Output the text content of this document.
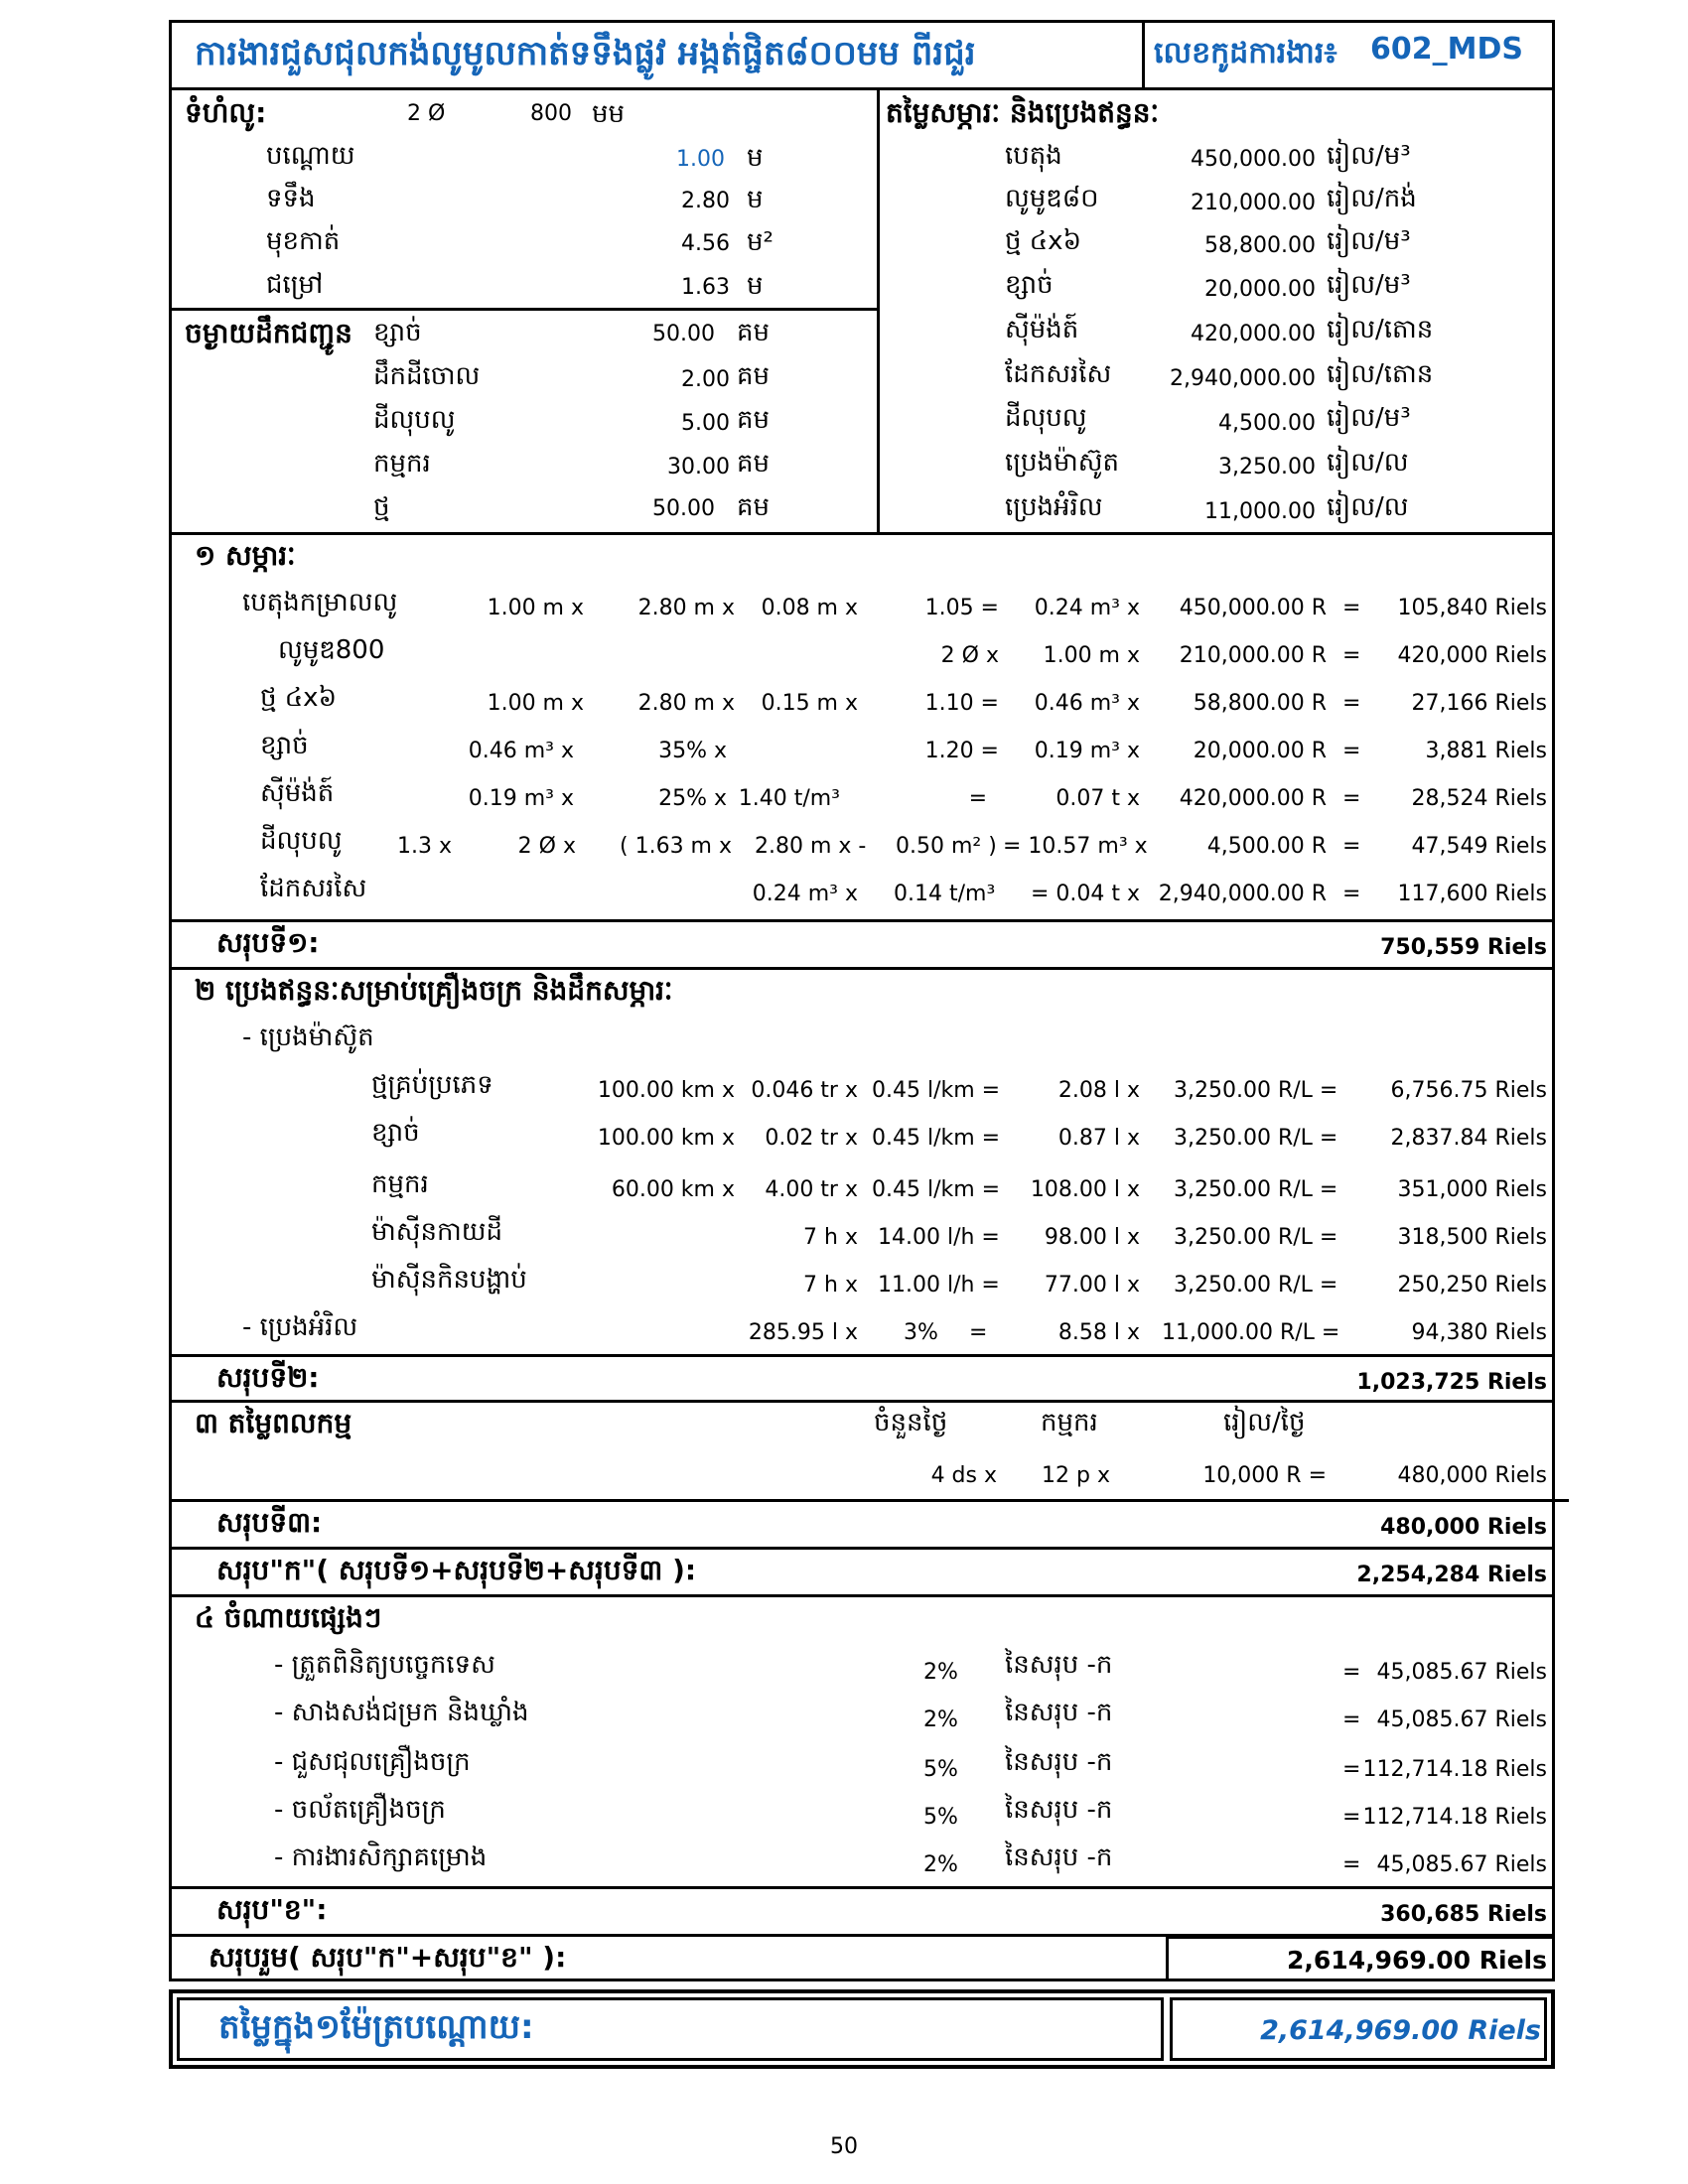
ការងារជួសជុលកង់លូមូលកាត់ទទឹងផ្លូវ អង្កត់ផ្ចិត៨០០មម ពីរជួរ	លេខកូដការងារ៖ 602_MDS
ទំហំលូ:	2 Ø	800 មម
បណ្ដោយ	1.00 ម
ទទឹង	2.80 ម
មុខកាត់	4.56 ម²
ជម្រៅ	1.63 ម
ចម្ងាយដឹកជញ្ជូន ខ្សាច់	50.00 គម
ដឹកដីចោល	2.00 គម
ដីលុបលូ	5.00 គម
កម្មករ	30.00 គម
ថ្ម	50.00 គម
តម្លៃសម្ភារៈ និងប្រេងឥន្ធនៈ
បេតុង	450,000.00 រៀល/ម³
លូមូឌ៨០	210,000.00 រៀល/កង់
ថ្ម ៤x៦	58,800.00 រៀល/ម³
ខ្សាច់	20,000.00 រៀល/ម³
ស៊ីម៉ង់ត៍	420,000.00 រៀល/តោន
ដែកសរសៃ	2,940,000.00 រៀល/តោន
ដីលុបលូ	4,500.00 រៀល/ម³
ប្រេងម៉ាស៊ូត	3,250.00 រៀល/ល
ប្រេងអំរិល	11,000.00 រៀល/ល
១ សម្ភារៈ
បេតុងកម្រាលលូ	1.00 m x	2.80 m x 0.08 m x	1.05 =	0.24 m³ x	450,000.00 R =	105,840 Riels
លូមូឌ800	2 Ø x	1.00 m x	210,000.00 R =	420,000 Riels
ថ្ម ៤x៦	1.00 m x	2.80 m x 0.15 m x	1.10 =	0.46 m³ x	58,800.00 R =	27,166 Riels
ខ្សាច់	0.46 m³ x	35% x	1.20 =	0.19 m³ x	20,000.00 R =	3,881 Riels
ស៊ីម៉ង់ត៍	0.19 m³ x	25% x 1.40 t/m³	=	0.07 t x	420,000.00 R =	28,524 Riels
ដីលុបលូ	1.3 x	2 Ø x ( 1.63 m x 2.80 m x - 0.50 m² ) = 10.57 m³ x	4,500.00 R =	47,549 Riels
ដែកសរសៃ	0.24 m³ x 0.14 t/m³	= 0.04 t x 2,940,000.00 R =	117,600 Riels
សរុបទី១:	750,559 Riels
២ ប្រេងឥន្ធនៈសម្រាប់គ្រឿងចក្រ និងដឹកសម្ភារៈ
- ប្រេងម៉ាស៊ូត
ថ្មគ្រប់ប្រភេទ	100.00 km x 0.046 tr x 0.45 l/km =	2.08 l x 3,250.00 R/L =	6,756.75 Riels
ខ្សាច់	100.00 km x	0.02 tr x 0.45 l/km =	0.87 l x 3,250.00 R/L =	2,837.84 Riels
កម្មករ	60.00 km x	4.00 tr x 0.45 l/km =	108.00 l x 3,250.00 R/L =	351,000 Riels
ម៉ាស៊ីនកាយដី	7 h x 14.00 l/h =	98.00 l x 3,250.00 R/L =	318,500 Riels
ម៉ាស៊ីនកិនបង្ហាប់	7 h x 11.00 l/h =	77.00 l x 3,250.00 R/L =	250,250 Riels
- ប្រេងអំរិល	285.95 l x 3% =	8.58 l x 11,000.00 R/L =	94,380 Riels
សរុបទី២:	1,023,725 Riels
៣ តម្លៃពលកម្ម	ចំនួនថ្ងៃ	កម្មករ	រៀល/ថ្ងៃ
4 ds x	12 p x	10,000 R =	480,000 Riels
សរុបទី៣:	480,000 Riels
សរុប"ក"( សរុបទី១+សរុបទី២+សរុបទី៣ ):	2,254,284 Riels
៤ ចំណាយផ្សេងៗ
- ត្រួតពិនិត្យបច្ចេកទេស	2% នៃសរុប -ក	= 45,085.67 Riels
- សាងសង់ជម្រក និងឃ្លាំង	2% នៃសរុប -ក	= 45,085.67 Riels
- ជួសជុលគ្រឿងចក្រ	5% នៃសរុប -ក	= 112,714.18 Riels
- ចល័តគ្រឿងចក្រ	5% នៃសរុប -ក	= 112,714.18 Riels
- ការងារសិក្សាគម្រោង	2% នៃសរុប -ក	= 45,085.67 Riels
សរុប"ខ":	360,685 Riels
សរុបរួម( សរុប"ក"+សរុប"ខ" ):	2,614,969.00 Riels
តម្លៃក្នុង១ម៉ែត្របណ្ដោយ:	2,614,969.00 Riels
50
